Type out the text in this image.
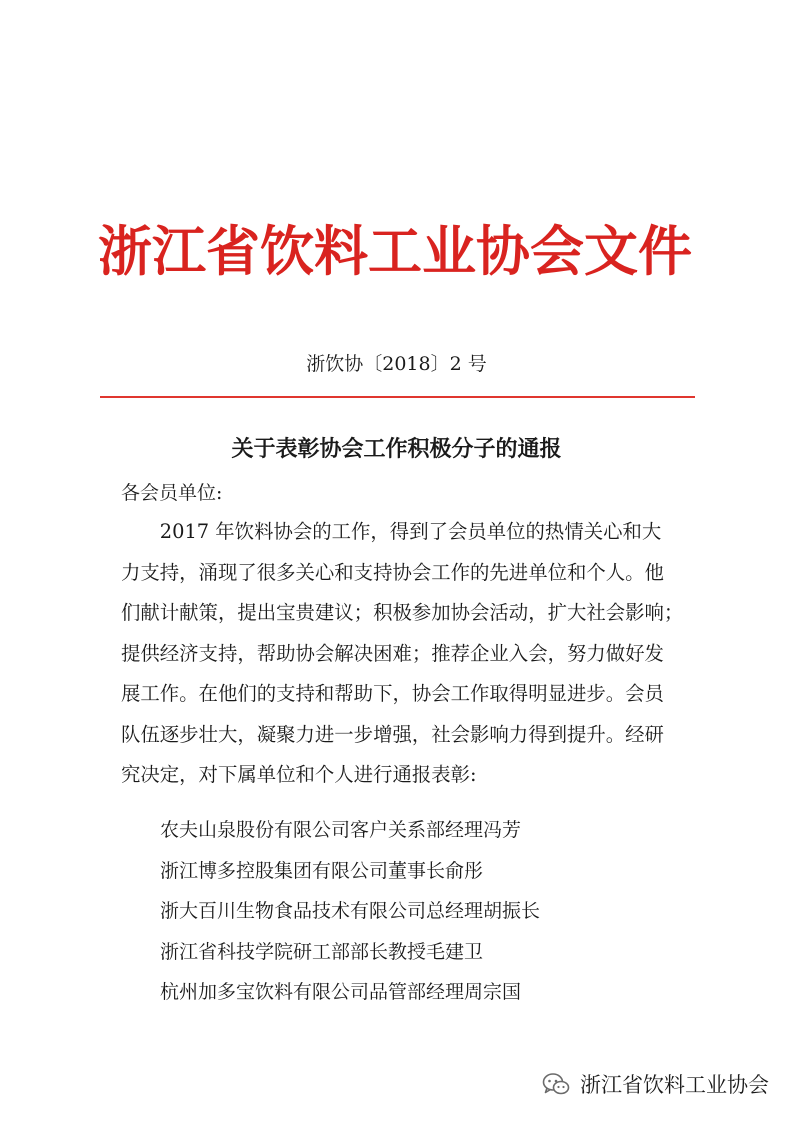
浙江省饮料工业协会文件
浙饮协〔2018〕2 号
关于表彰协会工作积极分子的通报
各会员单位:
　　2017 年饮料协会的工作，得到了会员单位的热情关心和大
力支持，涌现了很多关心和支持协会工作的先进单位和个人。他
们献计献策，提出宝贵建议；积极参加协会活动，扩大社会影响；
提供经济支持，帮助协会解决困难；推荐企业入会，努力做好发
展工作。在他们的支持和帮助下，协会工作取得明显进步。会员
队伍逐步壮大，凝聚力进一步增强，社会影响力得到提升。经研
究决定，对下属单位和个人进行通报表彰:
农夫山泉股份有限公司客户关系部经理冯芳
浙江博多控股集团有限公司董事长俞彤
浙大百川生物食品技术有限公司总经理胡振长
浙江省科技学院研工部部长教授毛建卫
杭州加多宝饮料有限公司品管部经理周宗国
浙江省饮料工业协会
